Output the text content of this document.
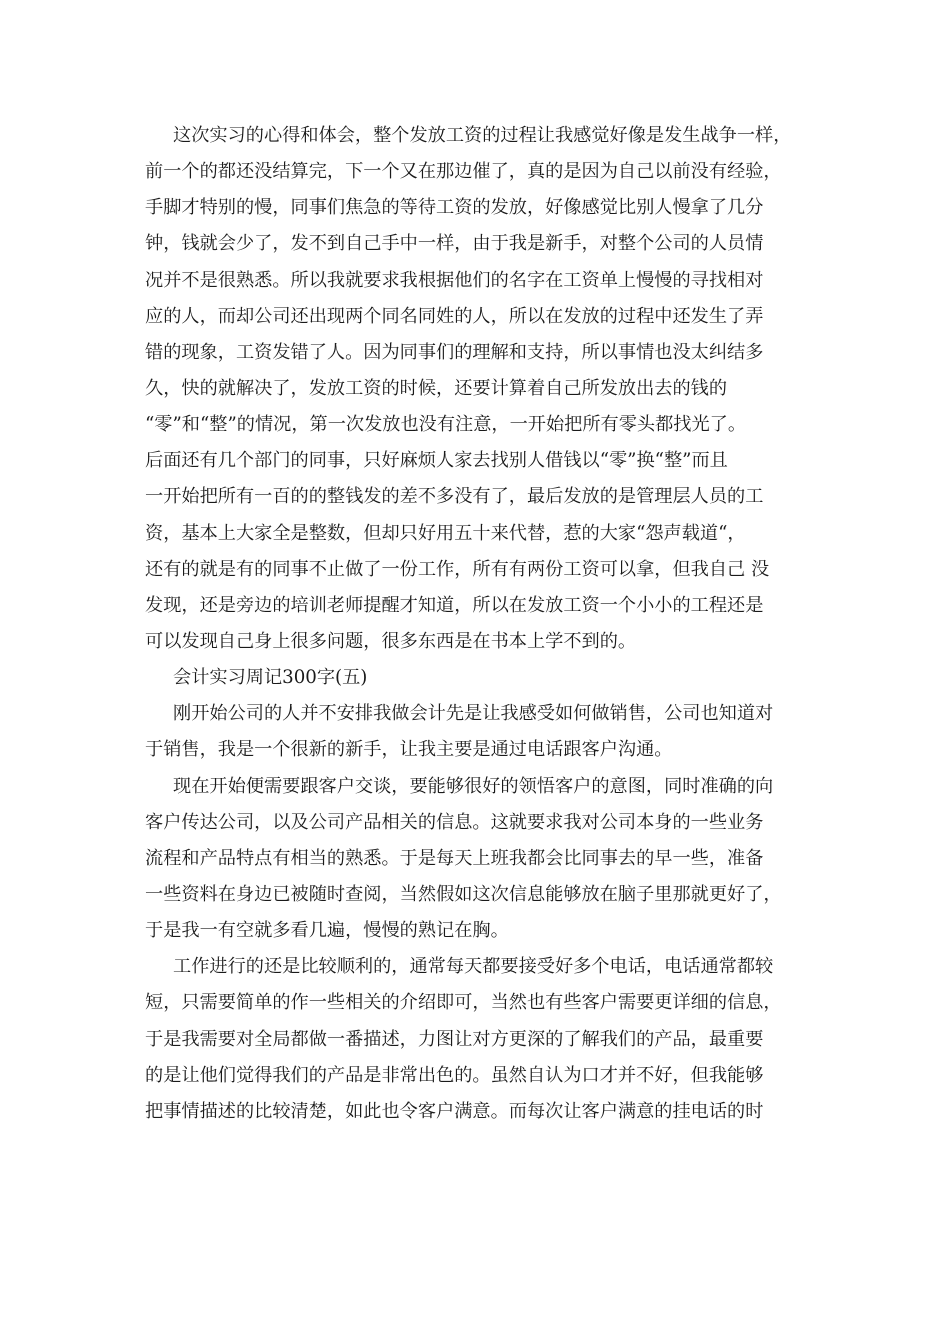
这次实习的心得和体会，整个发放工资的过程让我感觉好像是发生战争一样，
前一个的都还没结算完，下一个又在那边催了，真的是因为自己以前没有经验，
手脚才特别的慢，同事们焦急的等待工资的发放，好像感觉比别人慢拿了几分
钟，钱就会少了，发不到自己手中一样，由于我是新手，对整个公司的人员情
况并不是很熟悉。所以我就要求我根据他们的名字在工资单上慢慢的寻找相对
应的人，而却公司还出现两个同名同姓的人，所以在发放的过程中还发生了弄
错的现象，工资发错了人。因为同事们的理解和支持，所以事情也没太纠结多
久，快的就解决了，发放工资的时候，还要计算着自己所发放出去的钱的
“零”和“整”的情况，第一次发放也没有注意，一开始把所有零头都找光了。
后面还有几个部门的同事，只好麻烦人家去找别人借钱以“零”换“整”而且
一开始把所有一百的的整钱发的差不多没有了，最后发放的是管理层人员的工
资，基本上大家全是整数，但却只好用五十来代替，惹的大家“怨声载道“，
还有的就是有的同事不止做了一份工作，所有有两份工资可以拿，但我自己 没
发现，还是旁边的培训老师提醒才知道，所以在发放工资一个小小的工程还是
可以发现自己身上很多问题，很多东西是在书本上学不到的。
会计实习周记300字(五)
刚开始公司的人并不安排我做会计先是让我感受如何做销售，公司也知道对
于销售，我是一个很新的新手，让我主要是通过电话跟客户沟通。
现在开始便需要跟客户交谈，要能够很好的领悟客户的意图，同时准确的向
客户传达公司，以及公司产品相关的信息。这就要求我对公司本身的一些业务
流程和产品特点有相当的熟悉。于是每天上班我都会比同事去的早一些，准备
一些资料在身边已被随时查阅，当然假如这次信息能够放在脑子里那就更好了，
于是我一有空就多看几遍，慢慢的熟记在胸。
工作进行的还是比较顺利的，通常每天都要接受好多个电话，电话通常都较
短，只需要简单的作一些相关的介绍即可，当然也有些客户需要更详细的信息，
于是我需要对全局都做一番描述，力图让对方更深的了解我们的产品，最重要
的是让他们觉得我们的产品是非常出色的。虽然自认为口才并不好，但我能够
把事情描述的比较清楚，如此也令客户满意。而每次让客户满意的挂电话的时
